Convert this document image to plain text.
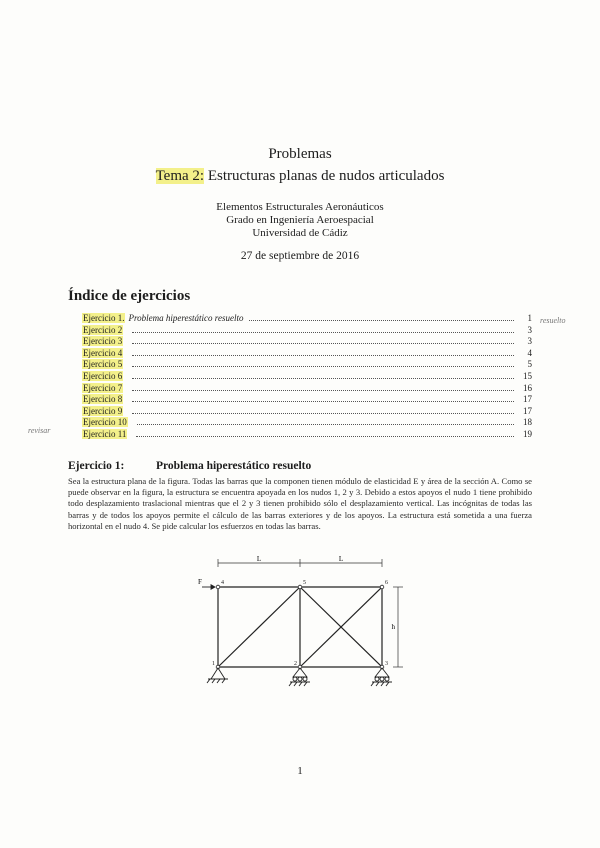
Problemas
Tema 2: Estructuras planas de nudos articulados
Elementos Estructurales Aeronáuticos
Grado en Ingeniería Aeroespacial
Universidad de Cádiz
27 de septiembre de 2016
Índice de ejercicios
Ejercicio 1. Problema hiperestático resuelto	1
Ejercicio 2	3
Ejercicio 3	3
Ejercicio 4	4
Ejercicio 5	5
Ejercicio 6	15
Ejercicio 7	16
Ejercicio 8	17
Ejercicio 9	17
Ejercicio 10	18
Ejercicio 11	19
Ejercicio 1:	Problema hiperestático resuelto
Sea la estructura plana de la figura. Todas las barras que la componen tienen módulo de elasticidad E y área de la sección A. Como se puede observar en la figura, la estructura se encuentra apoyada en los nudos 1, 2 y 3. Debido a estos apoyos el nudo 1 tiene prohibido todo desplazamiento traslacional mientras que el 2 y 3 tienen prohibido sólo el desplazamiento vertical. Las incógnitas de todas las barras y de todos los apoyos permite el cálculo de las barras exteriores y de los apoyos. La estructura está sometida a una fuerza horizontal en el nudo 4. Se pide calcular los esfuerzos en todas las barras.
L	L
h
F	4	5	6
1	2	3
1
resuelto
revisar
